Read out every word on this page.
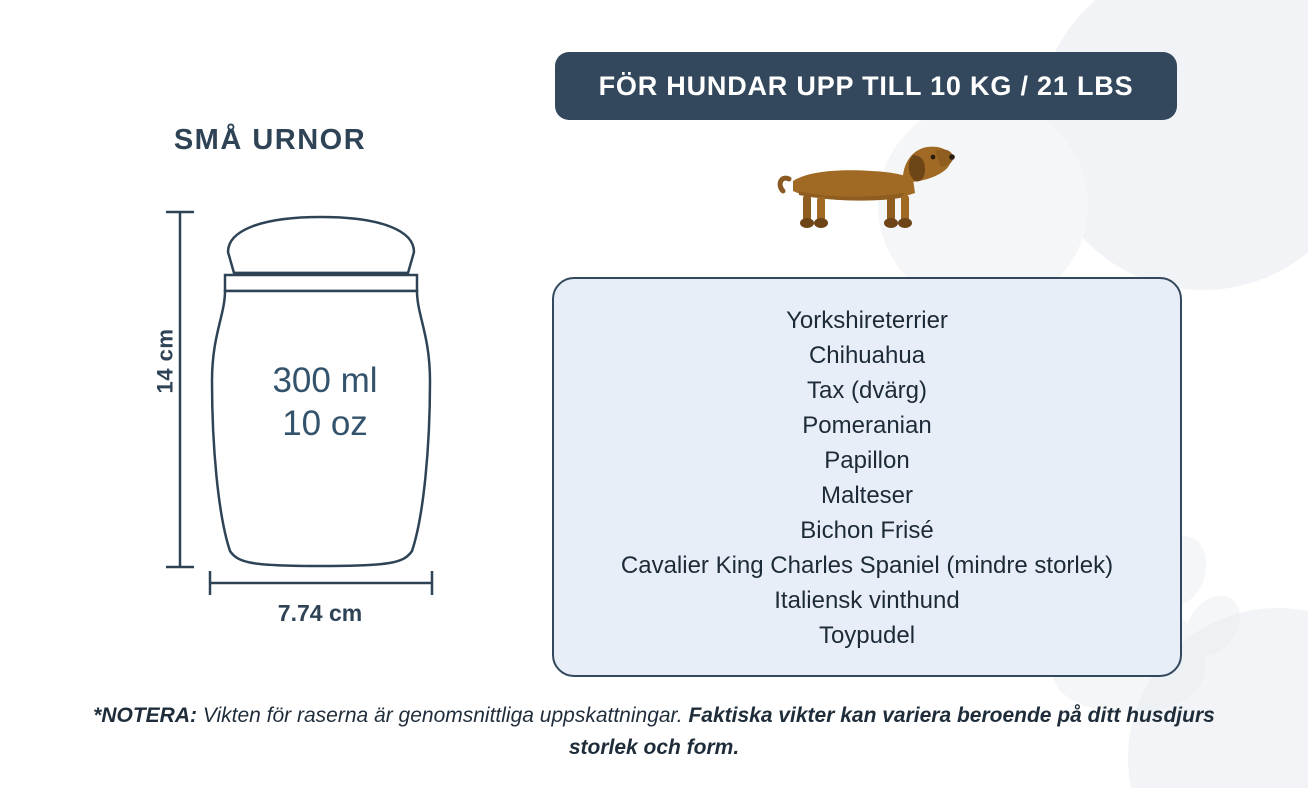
SMÅ URNOR
14 cm	300 ml
10 oz
7.74 cm
FÖR HUNDAR UPP TILL 10 KG / 21 LBS
Yorkshireterrier
Chihuahua
Tax (dvärg)
Pomeranian
Papillon
Malteser
Bichon Frisé
Cavalier King Charles Spaniel (mindre storlek)
Italiensk vinthund
Toypudel
*NOTERA: Vikten för raserna är genomsnittliga uppskattningar. Faktiska vikter kan variera beroende på ditt husdjurs storlek och form.
